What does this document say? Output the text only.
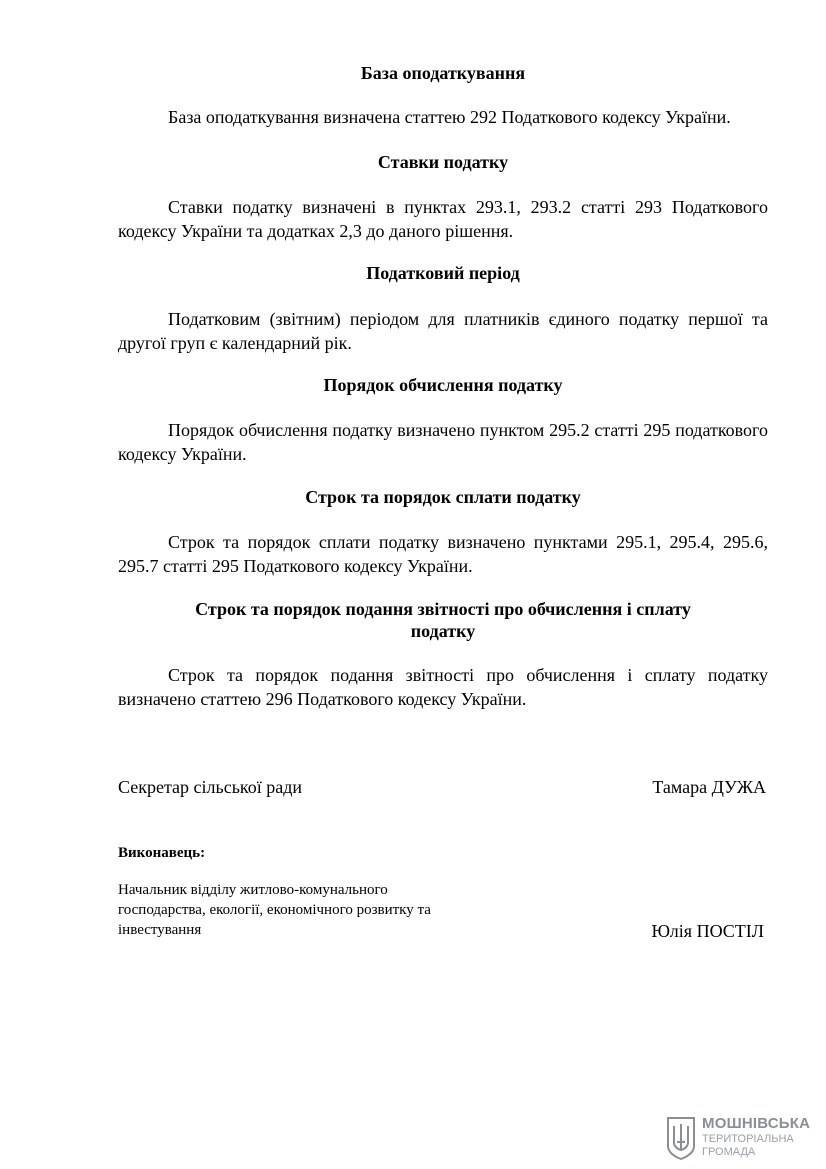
База оподаткування

База оподаткування визначена статтею 292 Податкового кодексу України.

Ставки податку

Ставки податку визначені в пунктах 293.1, 293.2 статті 293 Податкового кодексу України та додатках 2,3 до даного рішення.

Податковий період

Податковим (звітним) періодом для платників єдиного податку першої та другої груп є календарний рік.

Порядок обчислення податку

Порядок обчислення податку визначено пунктом 295.2 статті 295 податкового кодексу України.

Строк та порядок сплати податку

Строк та порядок сплати податку визначено пунктами 295.1, 295.4, 295.6, 295.7 статті 295 Податкового кодексу України.

Строк та порядок подання звітності про обчислення і сплату
податку

Строк та порядок подання звітності про обчислення і сплату податку визначено статтею 296 Податкового кодексу України.

Секретар сільської ради	Тамара ДУЖА
Виконавець:
Начальник відділу житлово-комунального
господарства, екології, економічного розвитку та
інвестування	Юлія ПОСТІЛ
МОШНІВСЬКА
ТЕРИТОРІАЛЬНА
ГРОМАДА
